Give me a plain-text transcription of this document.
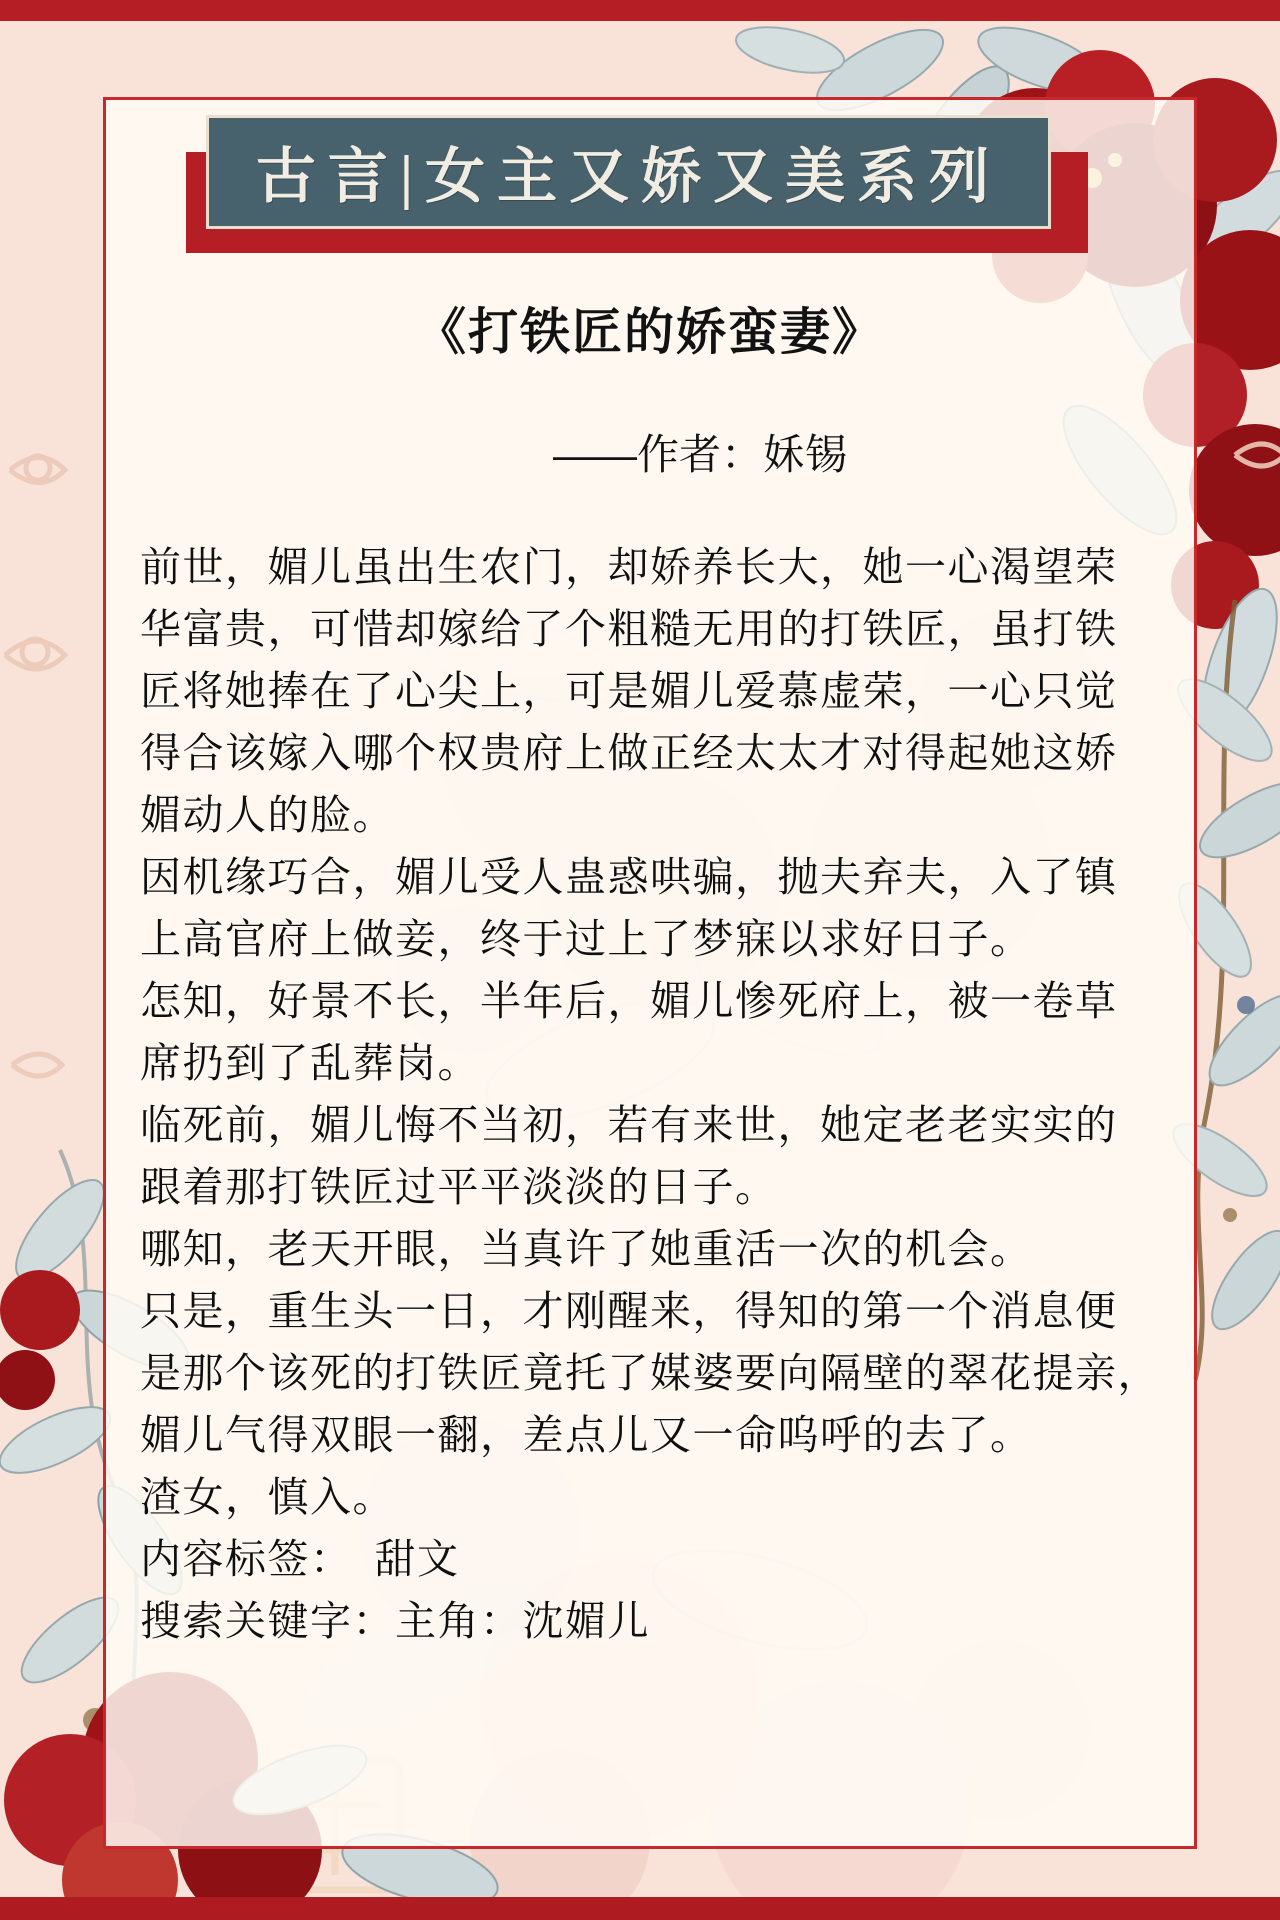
古言|女主又娇又美系列
《打铁匠的娇蛮妻》
——作者：姀锡
前世，媚儿虽出生农门，却娇养长大，她一心渴望荣
华富贵，可惜却嫁给了个粗糙无用的打铁匠，虽打铁
匠将她捧在了心尖上，可是媚儿爱慕虚荣，一心只觉
得合该嫁入哪个权贵府上做正经太太才对得起她这娇
媚动人的脸。
因机缘巧合，媚儿受人蛊惑哄骗，抛夫弃夫，入了镇
上高官府上做妾，终于过上了梦寐以求好日子。
怎知，好景不长，半年后，媚儿惨死府上，被一卷草
席扔到了乱葬岗。
临死前，媚儿悔不当初，若有来世，她定老老实实的
跟着那打铁匠过平平淡淡的日子。
哪知，老天开眼，当真许了她重活一次的机会。
只是，重生头一日，才刚醒来，得知的第一个消息便
是那个该死的打铁匠竟托了媒婆要向隔壁的翠花提亲，
媚儿气得双眼一翻，差点儿又一命呜呼的去了。
渣女，慎入。
内容标签：　甜文
搜索关键字：主角：沈媚儿
